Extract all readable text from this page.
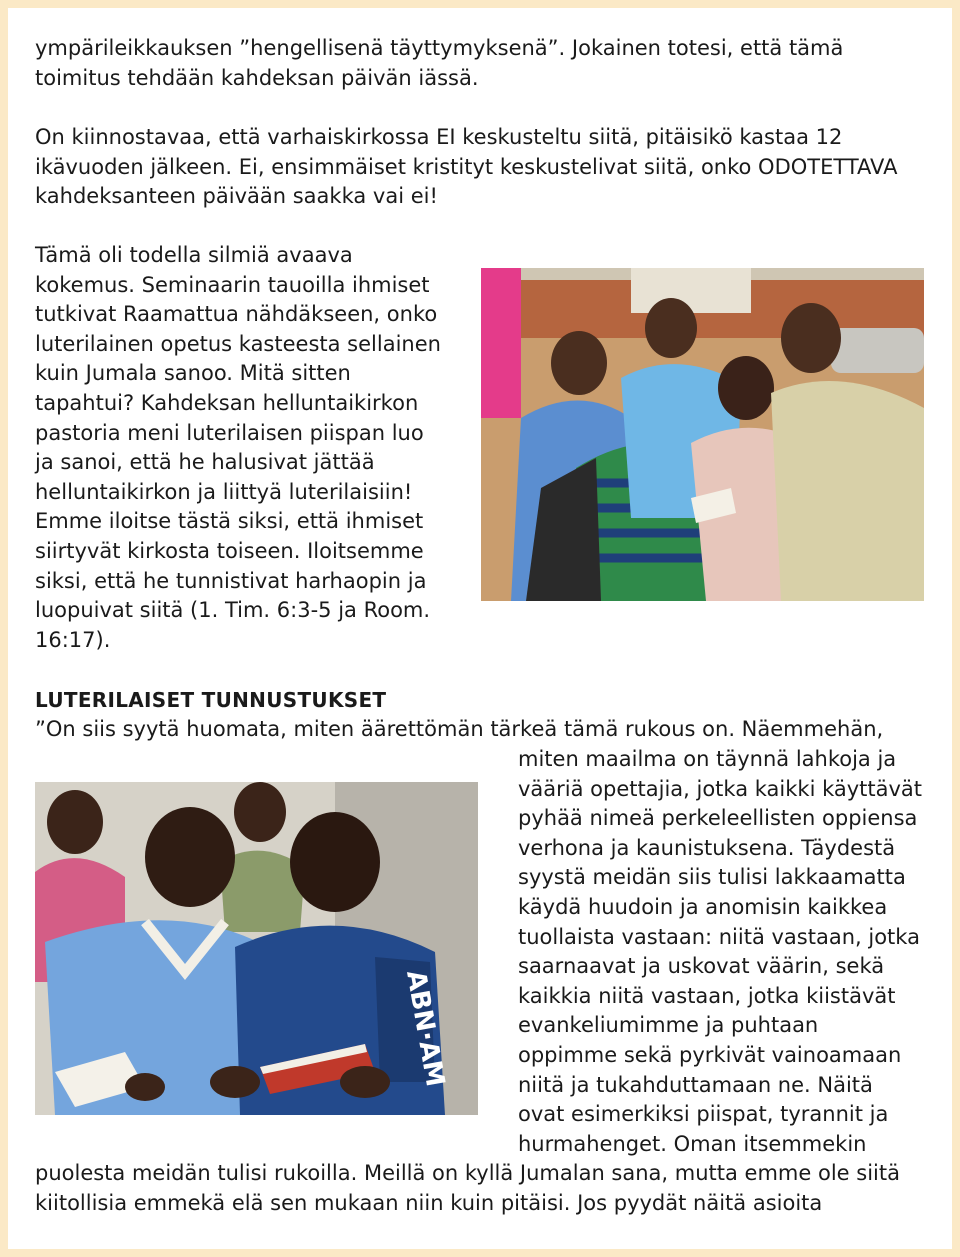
ympärileikkauksen ”hengellisenä täyttymyksenä”. Jokainen totesi, että tämä
toimitus tehdään kahdeksan päivän iässä.
On kiinnostavaa, että varhaiskirkossa EI keskusteltu siitä, pitäisikö kastaa 12
ikävuoden jälkeen. Ei, ensimmäiset kristityt keskustelivat siitä, onko ODOTETTAVA
kahdeksanteen päivään saakka vai ei!
Tämä oli todella silmiä avaava
kokemus. Seminaarin tauoilla ihmiset
tutkivat Raamattua nähdäkseen, onko
luterilainen opetus kasteesta sellainen
kuin Jumala sanoo. Mitä sitten
tapahtui? Kahdeksan helluntaikirkon
pastoria meni luterilaisen piispan luo
ja sanoi, että he halusivat jättää
helluntaikirkon ja liittyä luterilaisiin!
Emme iloitse tästä siksi, että ihmiset
siirtyvät kirkosta toiseen. Iloitsemme
siksi, että he tunnistivat harhaopin ja
luopuivat siitä (1. Tim. 6:3-5 ja Room.
16:17).
LUTERILAISET TUNNUSTUKSET
”On siis syytä huomata, miten äärettömän tärkeä tämä rukous on. Näemmehän,
ABN·AM
miten maailma on täynnä lahkoja ja
vääriä opettajia, jotka kaikki käyttävät
pyhää nimeä perkeleellisten oppiensa
verhona ja kaunistuksena. Täydestä
syystä meidän siis tulisi lakkaamatta
käydä huudoin ja anomisin kaikkea
tuollaista vastaan: niitä vastaan, jotka
saarnaavat ja uskovat väärin, sekä
kaikkia niitä vastaan, jotka kiistävät
evankeliumimme ja puhtaan
oppimme sekä pyrkivät vainoamaan
niitä ja tukahduttamaan ne. Näitä
ovat esimerkiksi piispat, tyrannit ja
hurmahenget. Oman itsemmekin
puolesta meidän tulisi rukoilla. Meillä on kyllä Jumalan sana, mutta emme ole siitä
kiitollisia emmekä elä sen mukaan niin kuin pitäisi. Jos pyydät näitä asioita
